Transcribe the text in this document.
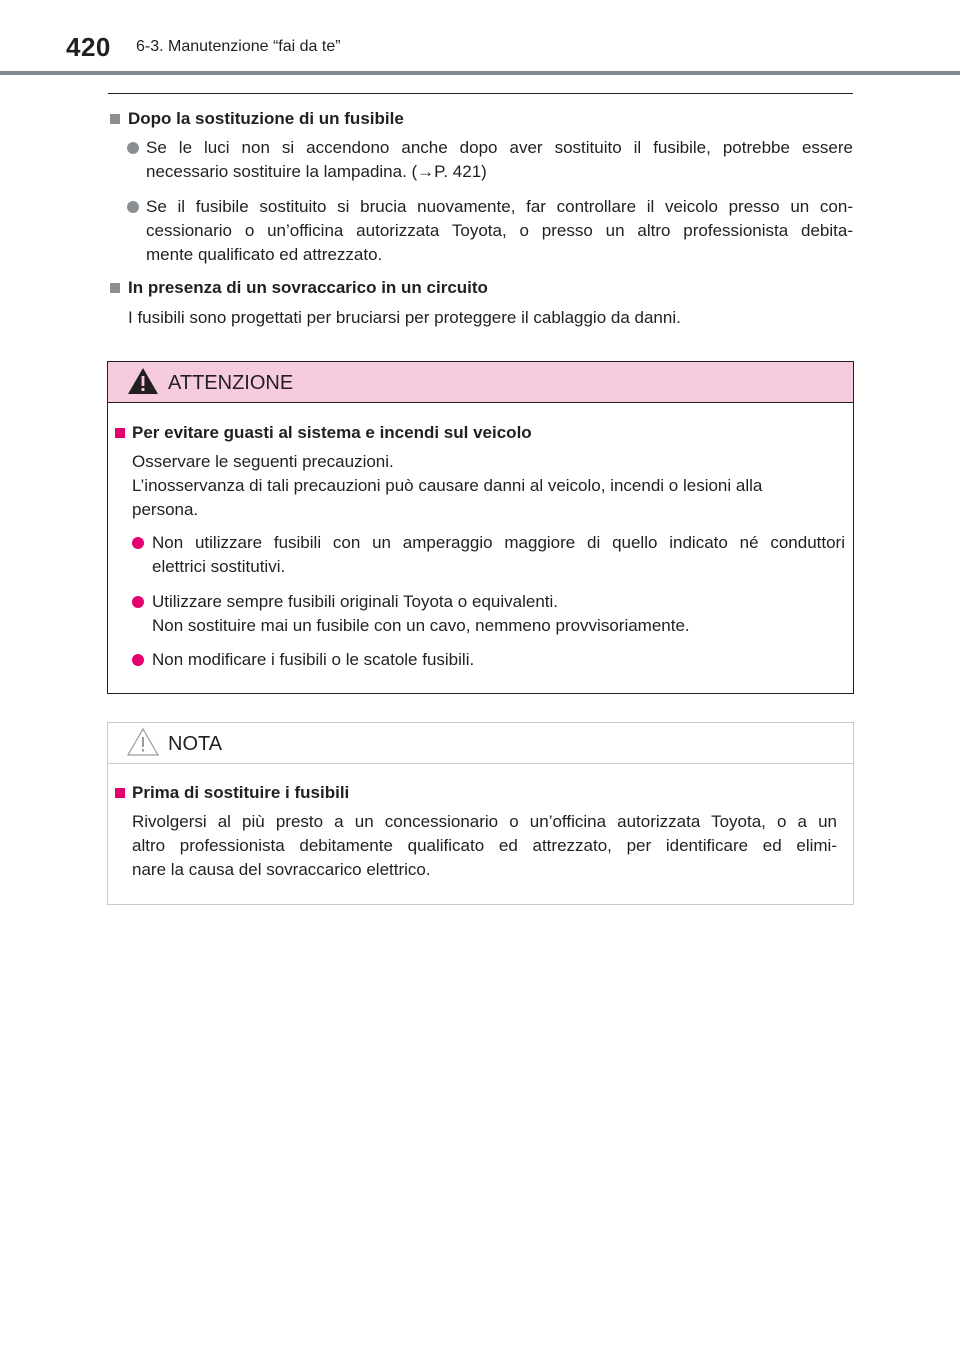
420 6-3. Manutenzione “fai da te”
Dopo la sostituzione di un fusibile
Se le luci non si accendono anche dopo aver sostituito il fusibile, potrebbe essere
necessario sostituire la lampadina. (→P. 421)
Se il fusibile sostituito si brucia nuovamente, far controllare il veicolo presso un con-
cessionario o un’officina autorizzata Toyota, o presso un altro professionista debita-
mente qualificato ed attrezzato.
In presenza di un sovraccarico in un circuito
I fusibili sono progettati per bruciarsi per proteggere il cablaggio da danni.
ATTENZIONE
Per evitare guasti al sistema e incendi sul veicolo
Osservare le seguenti precauzioni.
L’inosservanza di tali precauzioni può causare danni al veicolo, incendi o lesioni alla
persona.
Non utilizzare fusibili con un amperaggio maggiore di quello indicato né conduttori
elettrici sostitutivi.
Utilizzare sempre fusibili originali Toyota o equivalenti.
Non sostituire mai un fusibile con un cavo, nemmeno provvisoriamente.
Non modificare i fusibili o le scatole fusibili.
NOTA
Prima di sostituire i fusibili
Rivolgersi al più presto a un concessionario o un’officina autorizzata Toyota, o a un
altro professionista debitamente qualificato ed attrezzato, per identificare ed elimi-
nare la causa del sovraccarico elettrico.
